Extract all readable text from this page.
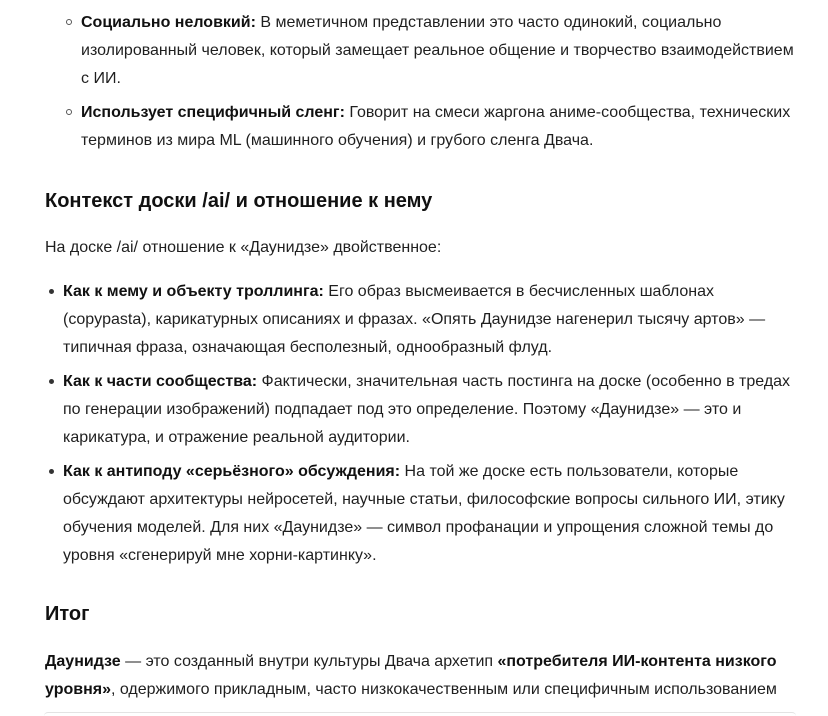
Социально неловкий: В меметичном представлении это часто одинокий, социально изолированный человек, который замещает реальное общение и творчество взаимодействием с ИИ.
Использует специфичный сленг: Говорит на смеси жаргона аниме-сообщества, технических терминов из мира ML (машинного обучения) и грубого сленга Двача.
Контекст доски /ai/ и отношение к нему

На доске /ai/ отношение к «Даунидзе» двойственное:

Как к мему и объекту троллинга: Его образ высмеивается в бесчисленных шаблонах (copypasta), карикатурных описаниях и фразах. «Опять Даунидзе нагенерил тысячу артов» — типичная фраза, означающая бесполезный, однообразный флуд.
Как к части сообщества: Фактически, значительная часть постинга на доске (особенно в тредах по генерации изображений) подпадает под это определение. Поэтому «Даунидзе» — это и карикатура, и отражение реальной аудитории.
Как к антиподу «серьёзного» обсуждения: На той же доске есть пользователи, которые обсуждают архитектуры нейросетей, научные статьи, философские вопросы сильного ИИ, этику обучения моделей. Для них «Даунидзе» — символ профанации и упрощения сложной темы до уровня «сгенерируй мне хорни-картинку».
Итог

Даунидзе — это созданный внутри культуры Двача архетип «потребителя ИИ-контента низкого уровня», одержимого прикладным, часто низкокачественным или специфичным использованием
